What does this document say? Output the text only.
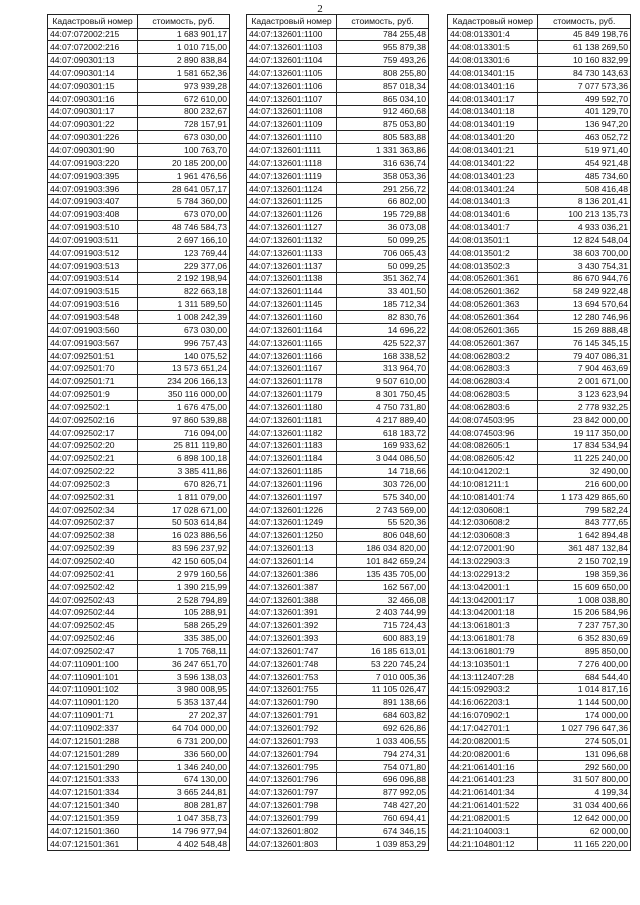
2
Кадастровый номер	стоимость, руб.
44:07:072002:215	1 683 901,17
44:07:072002:216	1 010 715,00
44:07:090301:13	2 890 838,84
44:07:090301:14	1 581 652,36
44:07:090301:15	973 939,28
44:07:090301:16	672 610,00
44:07:090301:17	800 232,67
44:07:090301:22	728 157,91
44:07:090301:226	673 030,00
44:07:090301:90	100 763,70
44:07:091903:220	20 185 200,00
44:07:091903:395	1 961 476,56
44:07:091903:396	28 641 057,17
44:07:091903:407	5 784 360,00
44:07:091903:408	673 070,00
44:07:091903:510	48 746 584,73
44:07:091903:511	2 697 166,10
44:07:091903:512	123 769,44
44:07:091903:513	229 377,06
44:07:091903:514	2 192 198,94
44:07:091903:515	822 663,18
44:07:091903:516	1 311 589,50
44:07:091903:548	1 008 242,39
44:07:091903:560	673 030,00
44:07:091903:567	996 757,43
44:07:092501:51	140 075,52
44:07:092501:70	13 573 651,24
44:07:092501:71	234 206 166,13
44:07:092501:9	350 116 000,00
44:07:092502:1	1 676 475,00
44:07:092502:16	97 860 539,88
44:07:092502:17	716 094,00
44:07:092502:20	25 811 119,80
44:07:092502:21	6 898 100,18
44:07:092502:22	3 385 411,86
44:07:092502:3	670 826,71
44:07:092502:31	1 811 079,00
44:07:092502:34	17 028 671,00
44:07:092502:37	50 503 614,84
44:07:092502:38	16 023 886,56
44:07:092502:39	83 596 237,92
44:07:092502:40	42 150 605,04
44:07:092502:41	2 979 160,56
44:07:092502:42	1 390 215,99
44:07:092502:43	2 528 794,89
44:07:092502:44	105 288,91
44:07:092502:45	588 265,29
44:07:092502:46	335 385,00
44:07:092502:47	1 705 768,11
44:07:110901:100	36 247 651,70
44:07:110901:101	3 596 138,03
44:07:110901:102	3 980 008,95
44:07:110901:120	5 353 137,44
44:07:110901:71	27 202,37
44:07:110902:337	64 704 000,00
44:07:121501:288	6 731 200,00
44:07:121501:289	336 560,00
44:07:121501:290	1 346 240,00
44:07:121501:333	674 130,00
44:07:121501:334	3 665 244,81
44:07:121501:340	808 281,87
44:07:121501:359	1 047 358,73
44:07:121501:360	14 796 977,94
44:07:121501:361	4 402 548,48
Кадастровый номер	стоимость, руб.
44:07:132601:1100	784 255,48
44:07:132601:1103	955 879,38
44:07:132601:1104	759 493,26
44:07:132601:1105	808 255,80
44:07:132601:1106	857 018,34
44:07:132601:1107	865 034,10
44:07:132601:1108	912 460,68
44:07:132601:1109	875 053,80
44:07:132601:1110	805 583,88
44:07:132601:1111	1 331 363,86
44:07:132601:1118	316 636,74
44:07:132601:1119	358 053,36
44:07:132601:1124	291 256,72
44:07:132601:1125	66 802,00
44:07:132601:1126	195 729,88
44:07:132601:1127	36 073,08
44:07:132601:1132	50 099,25
44:07:132601:1133	706 065,43
44:07:132601:1137	50 099,25
44:07:132601:1138	351 362,74
44:07:132601:1144	33 401,50
44:07:132601:1145	185 712,34
44:07:132601:1160	82 830,76
44:07:132601:1164	14 696,22
44:07:132601:1165	425 522,37
44:07:132601:1166	168 338,52
44:07:132601:1167	313 964,70
44:07:132601:1178	9 507 610,00
44:07:132601:1179	8 301 750,45
44:07:132601:1180	4 750 731,80
44:07:132601:1181	4 217 889,40
44:07:132601:1182	618 183,72
44:07:132601:1183	169 933,62
44:07:132601:1184	3 044 086,50
44:07:132601:1185	14 718,66
44:07:132601:1196	303 726,00
44:07:132601:1197	575 340,00
44:07:132601:1226	2 743 569,00
44:07:132601:1249	55 520,36
44:07:132601:1250	806 048,60
44:07:132601:13	186 034 820,00
44:07:132601:14	101 842 659,24
44:07:132601:386	135 435 705,00
44:07:132601:387	162 567,00
44:07:132601:388	32 466,08
44:07:132601:391	2 403 744,99
44:07:132601:392	715 724,43
44:07:132601:393	600 883,19
44:07:132601:747	16 185 613,01
44:07:132601:748	53 220 745,24
44:07:132601:753	7 010 005,36
44:07:132601:755	11 105 026,47
44:07:132601:790	891 138,66
44:07:132601:791	684 603,82
44:07:132601:792	692 626,86
44:07:132601:793	1 033 406,55
44:07:132601:794	794 274,31
44:07:132601:795	754 071,80
44:07:132601:796	696 096,88
44:07:132601:797	877 992,05
44:07:132601:798	748 427,20
44:07:132601:799	760 694,41
44:07:132601:802	674 346,15
44:07:132601:803	1 039 853,29
Кадастровый номер	стоимость, руб.
44:08:013301:4	45 849 198,76
44:08:013301:5	61 138 269,50
44:08:013301:6	10 160 832,99
44:08:013401:15	84 730 143,63
44:08:013401:16	7 077 573,36
44:08:013401:17	499 592,70
44:08:013401:18	401 129,70
44:08:013401:19	136 947,20
44:08:013401:20	463 052,72
44:08:013401:21	519 971,40
44:08:013401:22	454 921,48
44:08:013401:23	485 734,60
44:08:013401:24	508 416,48
44:08:013401:3	8 136 201,41
44:08:013401:6	100 213 135,73
44:08:013401:7	4 933 036,21
44:08:013501:1	12 824 548,04
44:08:013501:2	38 603 700,00
44:08:013502:3	3 430 754,31
44:08:052601:361	86 670 944,76
44:08:052601:362	58 249 922,48
44:08:052601:363	13 694 570,64
44:08:052601:364	12 280 746,96
44:08:052601:365	15 269 888,48
44:08:052601:367	76 145 345,15
44:08:062803:2	79 407 086,31
44:08:062803:3	7 904 463,69
44:08:062803:4	2 001 671,00
44:08:062803:5	3 123 623,94
44:08:062803:6	2 778 932,25
44:08:074503:95	23 842 000,00
44:08:074503:96	19 117 350,00
44:08:082605:1	17 834 534,94
44:08:082605:42	11 225 240,00
44:10:041202:1	32 490,00
44:10:081211:1	216 600,00
44:10:081401:74	1 173 429 865,60
44:12:030608:1	799 582,24
44:12:030608:2	843 777,65
44:12:030608:3	1 642 894,48
44:12:072001:90	361 487 132,84
44:13:022903:3	2 150 702,19
44:13:022913:2	198 359,36
44:13:042001:1	15 609 650,00
44:13:042001:17	1 008 038,80
44:13:042001:18	15 206 584,96
44:13:061801:3	7 237 757,30
44:13:061801:78	6 352 830,69
44:13:061801:79	895 850,00
44:13:103501:1	7 276 400,00
44:13:112407:28	684 544,40
44:15:092903:2	1 014 817,16
44:16:062203:1	1 144 500,00
44:16:070902:1	174 000,00
44:17:042701:1	1 027 796 647,36
44:20:082001:5	274 505,01
44:20:082001:6	131 096,68
44:21:061401:16	292 560,00
44:21:061401:23	31 507 800,00
44:21:061401:34	4 199,34
44:21:061401:522	31 034 400,66
44:21:082001:5	12 642 000,00
44:21:104003:1	62 000,00
44:21:104801:12	11 165 220,00
